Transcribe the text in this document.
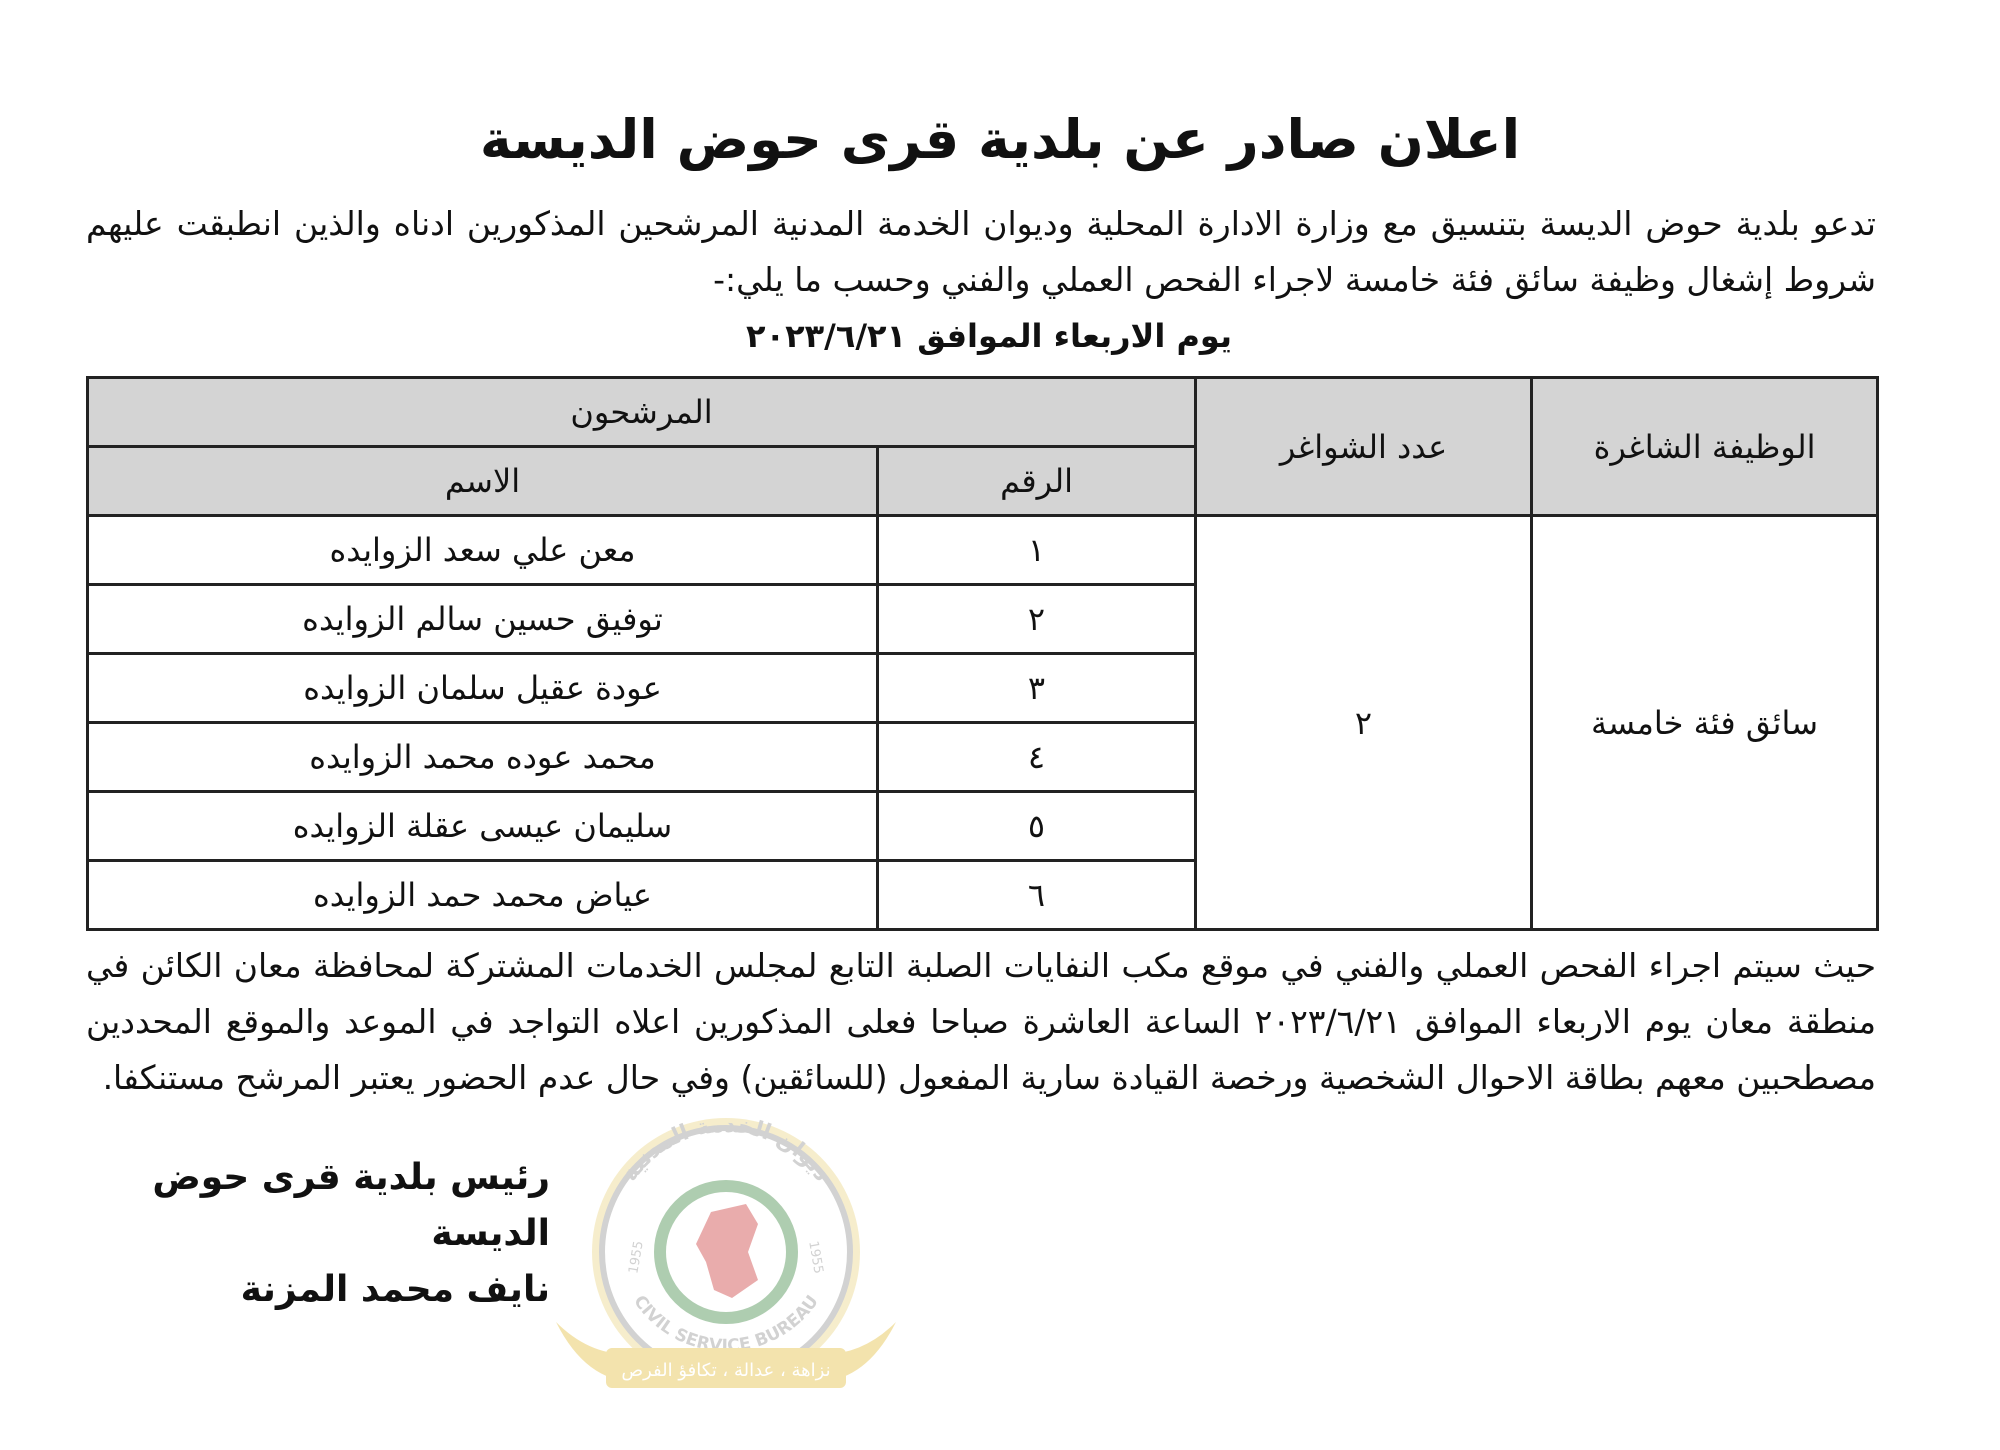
اعلان صادر عن بلدية قرى حوض الديسة

تدعو بلدية حوض الديسة بتنسيق مع وزارة الادارة المحلية وديوان الخدمة المدنية المرشحين المذكورين ادناه والذين انطبقت عليهم شروط إشغال وظيفة سائق فئة خامسة لاجراء الفحص العملي والفني وحسب ما يلي:-

يوم الاربعاء الموافق ٢٠٢٣/٦/٢١
الوظيفة الشاغرة	عدد الشواغر	المرشحون	
		الرقم	الاسم
سائق فئة خامسة	٢	١	معن علي سعد الزوايده
		٢	توفيق حسين سالم الزوايده
		٣	عودة عقيل سلمان الزوايده
		٤	محمد عوده محمد الزوايده
		٥	سليمان عيسى عقلة الزوايده
		٦	عياض محمد حمد الزوايده

حيث سيتم اجراء الفحص العملي والفني في موقع مكب النفايات الصلبة التابع لمجلس الخدمات المشتركة لمحافظة معان الكائن في منطقة معان يوم الاربعاء الموافق ٢٠٢٣/٦/٢١ الساعة العاشرة صباحا فعلى المذكورين اعلاه التواجد في الموعد والموقع المحددين مصطحبين معهم بطاقة الاحوال الشخصية ورخصة القيادة سارية المفعول (للسائقين) وفي حال عدم الحضور يعتبر المرشح مستنكفا.

رئيس بلدية قرى حوض الديسة
نايف محمد المزنة
ديوان الخدمة المدنية
CIVIL SERVICE BUREAU
1955	1955
نزاهة ، عدالة ، تكافؤ الفرص
